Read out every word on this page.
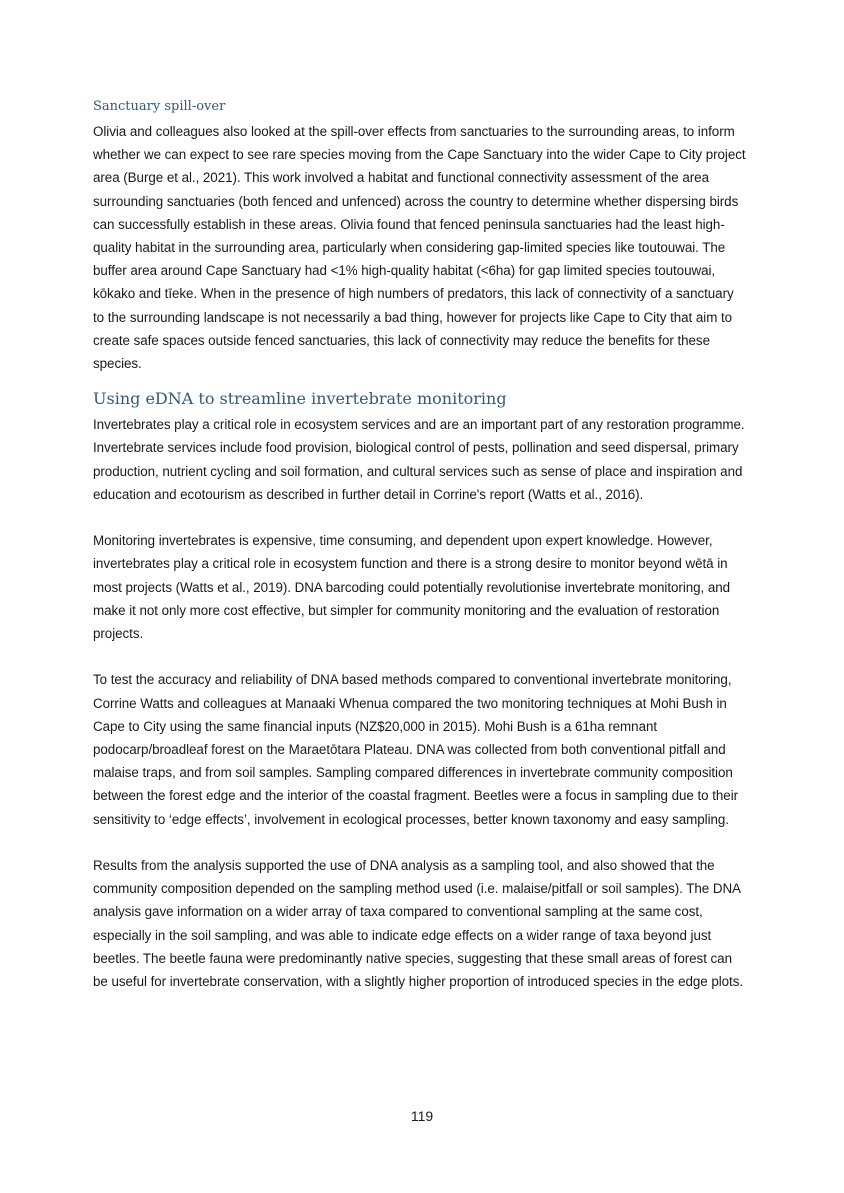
Sanctuary spill-over

Olivia and colleagues also looked at the spill-over effects from sanctuaries to the surrounding areas, to inform whether we can expect to see rare species moving from the Cape Sanctuary into the wider Cape to City project area (Burge et al., 2021). This work involved a habitat and functional connectivity assessment of the area surrounding sanctuaries (both fenced and unfenced) across the country to determine whether dispersing birds can successfully establish in these areas. Olivia found that fenced peninsula sanctuaries had the least high-quality habitat in the surrounding area, particularly when considering gap-limited species like toutouwai. The buffer area around Cape Sanctuary had <1% high-quality habitat (<6ha) for gap limited species toutouwai, kōkako and tīeke. When in the presence of high numbers of predators, this lack of connectivity of a sanctuary to the surrounding landscape is not necessarily a bad thing, however for projects like Cape to City that aim to create safe spaces outside fenced sanctuaries, this lack of connectivity may reduce the benefits for these species.

Using eDNA to streamline invertebrate monitoring

Invertebrates play a critical role in ecosystem services and are an important part of any restoration programme. Invertebrate services include food provision, biological control of pests, pollination and seed dispersal, primary production, nutrient cycling and soil formation, and cultural services such as sense of place and inspiration and education and ecotourism as described in further detail in Corrine's report (Watts et al., 2016).

Monitoring invertebrates is expensive, time consuming, and dependent upon expert knowledge. However, invertebrates play a critical role in ecosystem function and there is a strong desire to monitor beyond wētā in most projects (Watts et al., 2019). DNA barcoding could potentially revolutionise invertebrate monitoring, and make it not only more cost effective, but simpler for community monitoring and the evaluation of restoration projects.

To test the accuracy and reliability of DNA based methods compared to conventional invertebrate monitoring, Corrine Watts and colleagues at Manaaki Whenua compared the two monitoring techniques at Mohi Bush in Cape to City using the same financial inputs (NZ$20,000 in 2015). Mohi Bush is a 61ha remnant podocarp/broadleaf forest on the Maraetōtara Plateau. DNA was collected from both conventional pitfall and malaise traps, and from soil samples. Sampling compared differences in invertebrate community composition between the forest edge and the interior of the coastal fragment. Beetles were a focus in sampling due to their sensitivity to ‘edge effects’, involvement in ecological processes, better known taxonomy and easy sampling.

Results from the analysis supported the use of DNA analysis as a sampling tool, and also showed that the community composition depended on the sampling method used (i.e. malaise/pitfall or soil samples). The DNA analysis gave information on a wider array of taxa compared to conventional sampling at the same cost, especially in the soil sampling, and was able to indicate edge effects on a wider range of taxa beyond just beetles. The beetle fauna were predominantly native species, suggesting that these small areas of forest can be useful for invertebrate conservation, with a slightly higher proportion of introduced species in the edge plots.

119
